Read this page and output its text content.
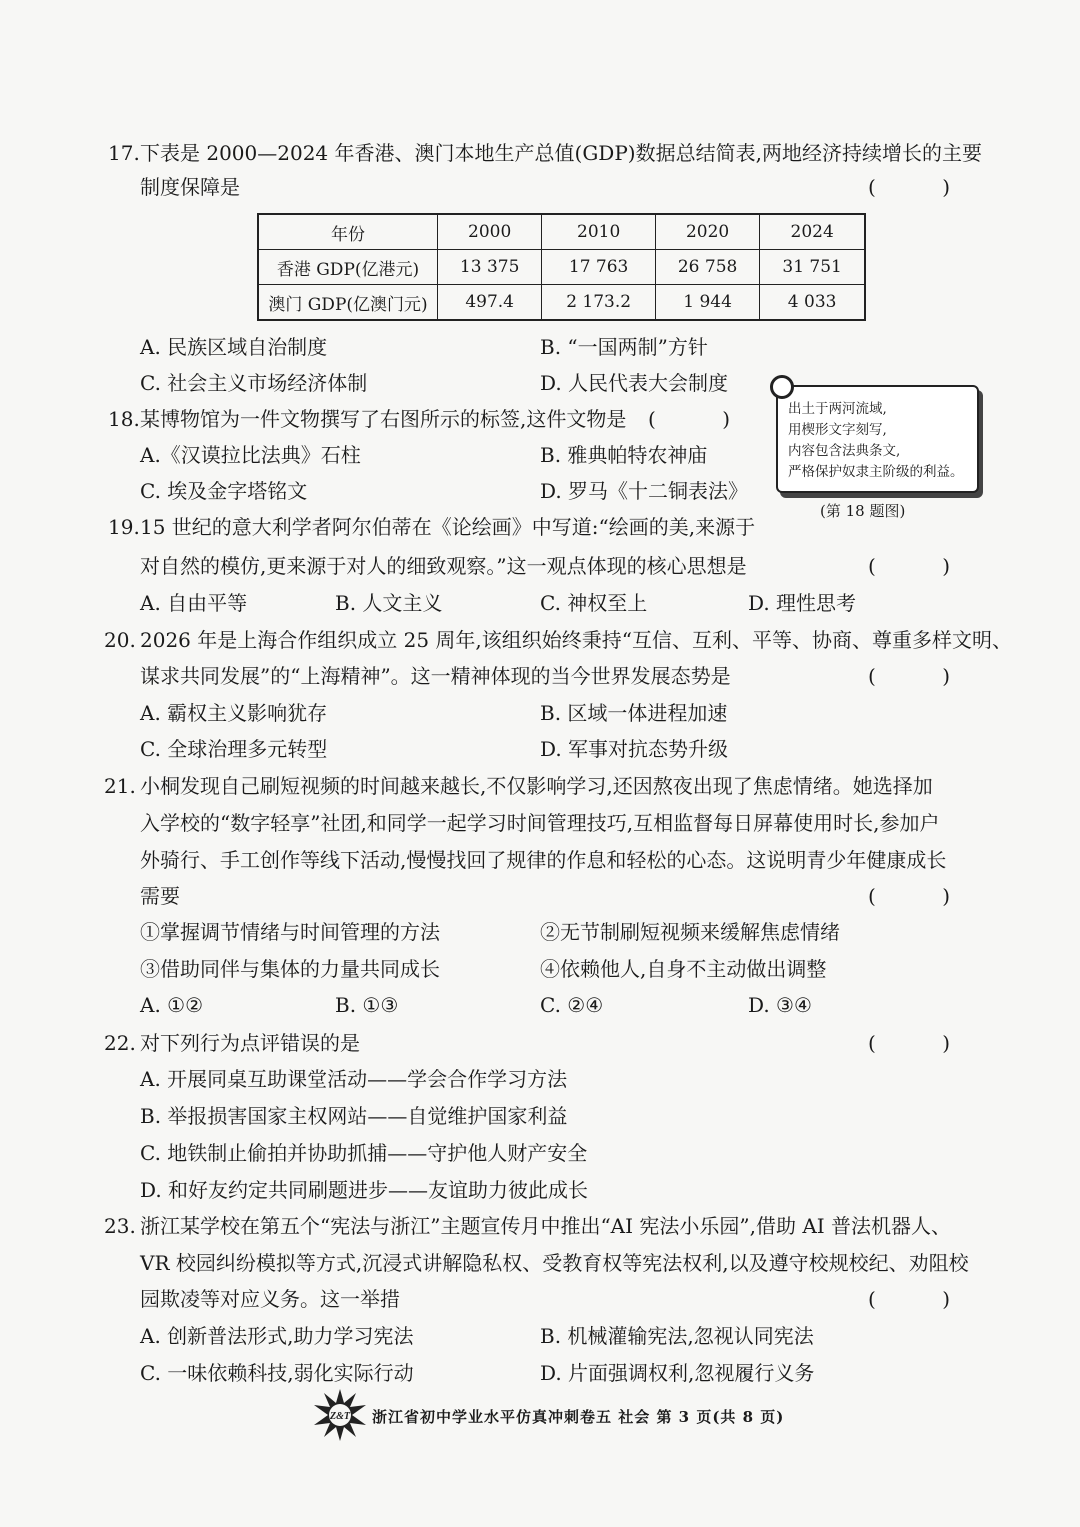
17. 下表是 2000—2024 年香港、澳门本地生产总值(GDP)数据总结简表,两地经济持续增长的主要
制度保障是	( )
年份	2000	2010	2020	2024
香港 GDP(亿港元)	13 375	17 763	26 758	31 751
澳门 GDP(亿澳门元)	497.4	2 173.2	1 944	4 033
A. 民族区域自治制度	B. “一国两制”方针
C. 社会主义市场经济体制	D. 人民代表大会制度
18. 某博物馆为一件文物撰写了右图所示的标签,这件文物是 ( )
A.《汉谟拉比法典》石柱	B. 雅典帕特农神庙
C. 埃及金字塔铭文	D. 罗马《十二铜表法》
出土于两河流域,
用楔形文字刻写,
内容包含法典条文,
严格保护奴隶主阶级的利益。
(第 18 题图)
19. 15 世纪的意大利学者阿尔伯蒂在《论绘画》中写道:“绘画的美,来源于
对自然的模仿,更来源于对人的细致观察。”这一观点体现的核心思想是	( )
A. 自由平等	B. 人文主义	C. 神权至上	D. 理性思考
20. 2026 年是上海合作组织成立 25 周年,该组织始终秉持“互信、互利、平等、协商、尊重多样文明、
谋求共同发展”的“上海精神”。这一精神体现的当今世界发展态势是	( )
A. 霸权主义影响犹存	B. 区域一体进程加速
C. 全球治理多元转型	D. 军事对抗态势升级
21. 小桐发现自己刷短视频的时间越来越长,不仅影响学习,还因熬夜出现了焦虑情绪。她选择加
入学校的“数字轻享”社团,和同学一起学习时间管理技巧,互相监督每日屏幕使用时长,参加户
外骑行、手工创作等线下活动,慢慢找回了规律的作息和轻松的心态。这说明青少年健康成长
需要	( )
①掌握调节情绪与时间管理的方法	②无节制刷短视频来缓解焦虑情绪
③借助同伴与集体的力量共同成长	④依赖他人,自身不主动做出调整
A. ①②	B. ①③	C. ②④	D. ③④
22. 对下列行为点评错误的是	( )
A. 开展同桌互助课堂活动——学会合作学习方法
B. 举报损害国家主权网站——自觉维护国家利益
C. 地铁制止偷拍并协助抓捕——守护他人财产安全
D. 和好友约定共同刷题进步——友谊助力彼此成长
23. 浙江某学校在第五个“宪法与浙江”主题宣传月中推出“AI 宪法小乐园”,借助 AI 普法机器人、
VR 校园纠纷模拟等方式,沉浸式讲解隐私权、受教育权等宪法权利,以及遵守校规校纪、劝阻校
园欺凌等对应义务。这一举措	( )
A. 创新普法形式,助力学习宪法	B. 机械灌输宪法,忽视认同宪法
C. 一味依赖科技,弱化实际行动	D. 片面强调权利,忽视履行义务
Z&T 浙江省初中学业水平仿真冲刺卷五 社会 第 3 页(共 8 页)
